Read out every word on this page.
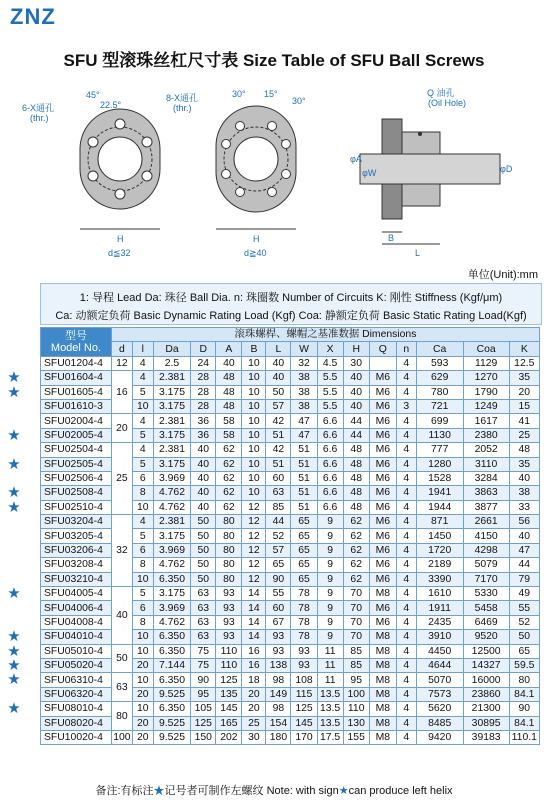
ZNZ
SFU 型滚珠丝杠尺寸表 Size Table of SFU Ball Screws
6-X通孔
(thr.)
45°
22.5°
H
d≦32
8-X通孔
(thr.)
30° 15°
30°
H
d≧40
Q 油孔
(Oil Hole)
φA
φW	φD
B
L
单位(Unit):mm
1: 导程 Lead Da: 珠径 Ball Dia. n: 珠圈数 Number of Circuits K: 刚性 Stiffness (Kgf/μm)
Ca: 动额定负荷 Basic Dynamic Rating Load (Kgf) Coa: 静额定负荷 Basic Static Rating Load(Kgf)
型号
Model No.	滚珠螺桿、螺帽之基准数据 Dimensions														
	d	l	Da	D	A	B	L	W	X	H	Q	n	Ca	Coa	K
SFU01204-4	12	4	2.5	24	40	10	40	32	4.5	30		4	593	1129	12.5
SFU01604-4	16	4	2.381	28	48	10	40	38	5.5	40	M6	4	629	1270	35
SFU01605-4		5	3.175	28	48	10	50	38	5.5	40	M6	4	780	1790	20
SFU01610-3		10	3.175	28	48	10	57	38	5.5	40	M6	3	721	1249	15
SFU02004-4	20	4	2.381	36	58	10	42	47	6.6	44	M6	4	699	1617	41
SFU02005-4		5	3.175	36	58	10	51	47	6.6	44	M6	4	1130	2380	25
SFU02504-4	25	4	2.381	40	62	10	42	51	6.6	48	M6	4	777	2052	48
SFU02505-4		5	3.175	40	62	10	51	51	6.6	48	M6	4	1280	3110	35
SFU02506-4		6	3.969	40	62	10	60	51	6.6	48	M6	4	1528	3284	40
SFU02508-4		8	4.762	40	62	10	63	51	6.6	48	M6	4	1941	3863	38
SFU02510-4		10	4.762	40	62	12	85	51	6.6	48	M6	4	1944	3877	33
SFU03204-4	32	4	2.381	50	80	12	44	65	9	62	M6	4	871	2661	56
SFU03205-4		5	3.175	50	80	12	52	65	9	62	M6	4	1450	4150	40
SFU03206-4		6	3.969	50	80	12	57	65	9	62	M6	4	1720	4298	47
SFU03208-4		8	4.762	50	80	12	65	65	9	62	M6	4	2189	5079	44
SFU03210-4		10	6.350	50	80	12	90	65	9	62	M6	4	3390	7170	79
SFU04005-4	40	5	3.175	63	93	14	55	78	9	70	M8	4	1610	5330	49
SFU04006-4		6	3.969	63	93	14	60	78	9	70	M6	4	1911	5458	55
SFU04008-4		8	4.762	63	93	14	67	78	9	70	M6	4	2435	6469	52
SFU04010-4		10	6.350	63	93	14	93	78	9	70	M8	4	3910	9520	50
SFU05010-4	50	10	6.350	75	110	16	93	93	11	85	M8	4	4450	12500	65
SFU05020-4		20	7.144	75	110	16	138	93	11	85	M8	4	4644	14327	59.5
SFU06310-4	63	10	6.350	90	125	18	98	108	11	95	M8	4	5070	16000	80
SFU06320-4		20	9.525	95	135	20	149	115	13.5	100	M8	4	7573	23860	84.1
SFU08010-4	80	10	6.350	105	145	20	98	125	13.5	110	M8	4	5620	21300	90
SFU08020-4		20	9.525	125	165	25	154	145	13.5	130	M8	4	8485	30895	84.1
SFU10020-4	100	20	9.525	150	202	30	180	170	17.5	155	M8	4	9420	39183	110.1
★
★
★
★
★
★
★
★
★
★
★
★
备注:有标注★记号者可制作左螺纹 Note: with sign★can produce left helix
